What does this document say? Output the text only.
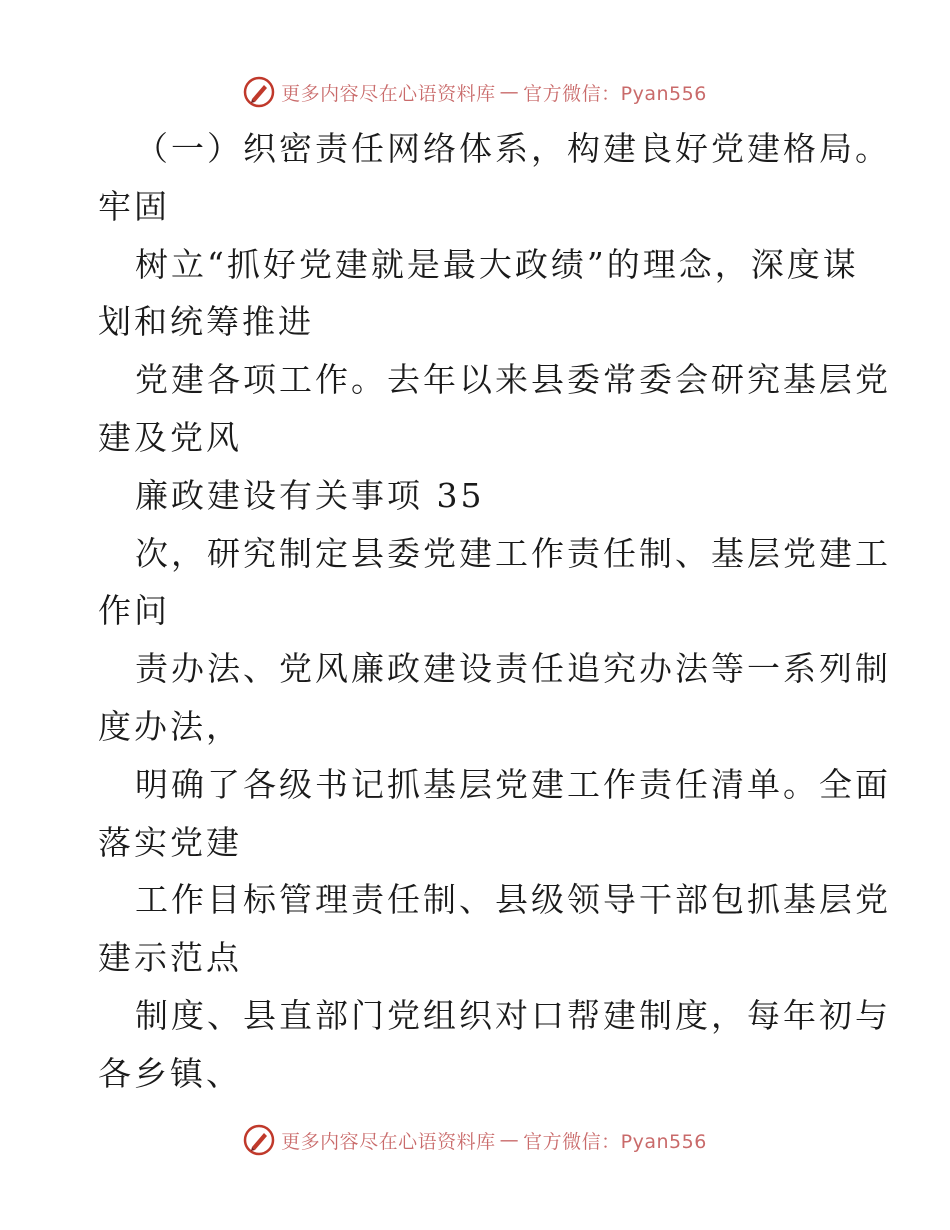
更多内容尽在心语资料库 — 官方微信：Pyan556
（一）织密责任网络体系，构建良好党建格局。
牢固
树立“抓好党建就是最大政绩”的理念，深度谋
划和统筹推进
党建各项工作。去年以来县委常委会研究基层党
建及党风
廉政建设有关事项 35
次，研究制定县委党建工作责任制、基层党建工
作问
责办法、党风廉政建设责任追究办法等一系列制
度办法，
明确了各级书记抓基层党建工作责任清单。全面
落实党建
工作目标管理责任制、县级领导干部包抓基层党
建示范点
制度、县直部门党组织对口帮建制度，每年初与
各乡镇、
更多内容尽在心语资料库 — 官方微信：Pyan556
